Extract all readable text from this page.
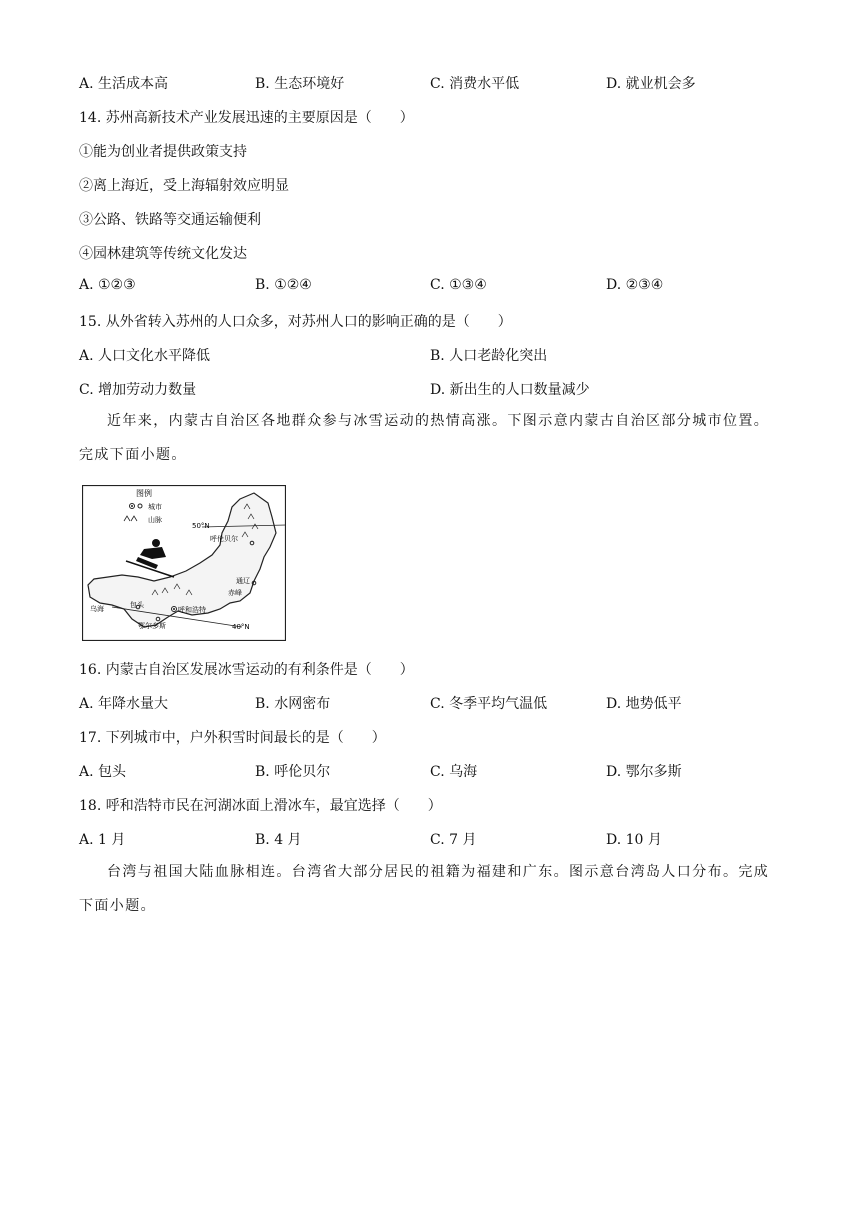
A. 生活成本高	B. 生态环境好	C. 消费水平低	D. 就业机会多
14. 苏州高新技术产业发展迅速的主要原因是（　　）
①能为创业者提供政策支持
②离上海近，受上海辐射效应明显
③公路、铁路等交通运输便利
④园林建筑等传统文化发达
A. ①②③	B. ①②④	C. ①③④	D. ②③④
15. 从外省转入苏州的人口众多，对苏州人口的影响正确的是（　　）
A. 人口文化水平降低	B. 人口老龄化突出
C. 增加劳动力数量	D. 新出生的人口数量减少
近年来，内蒙古自治区各地群众参与冰雪运动的热情高涨。下图示意内蒙古自治区部分城市位置。完成下面小题。
50°N
40°N
图例
城市
山脉
呼伦贝尔
通辽
赤峰
乌海	包头
呼和浩特
鄂尔多斯
16. 内蒙古自治区发展冰雪运动的有利条件是（　　）
A. 年降水量大	B. 水网密布	C. 冬季平均气温低	D. 地势低平
17. 下列城市中，户外积雪时间最长的是（　　）
A. 包头	B. 呼伦贝尔	C. 乌海	D. 鄂尔多斯
18. 呼和浩特市民在河湖冰面上滑冰车，最宜选择（　　）
A. 1 月	B. 4 月	C. 7 月	D. 10 月
台湾与祖国大陆血脉相连。台湾省大部分居民的祖籍为福建和广东。图示意台湾岛人口分布。完成下面小题。
